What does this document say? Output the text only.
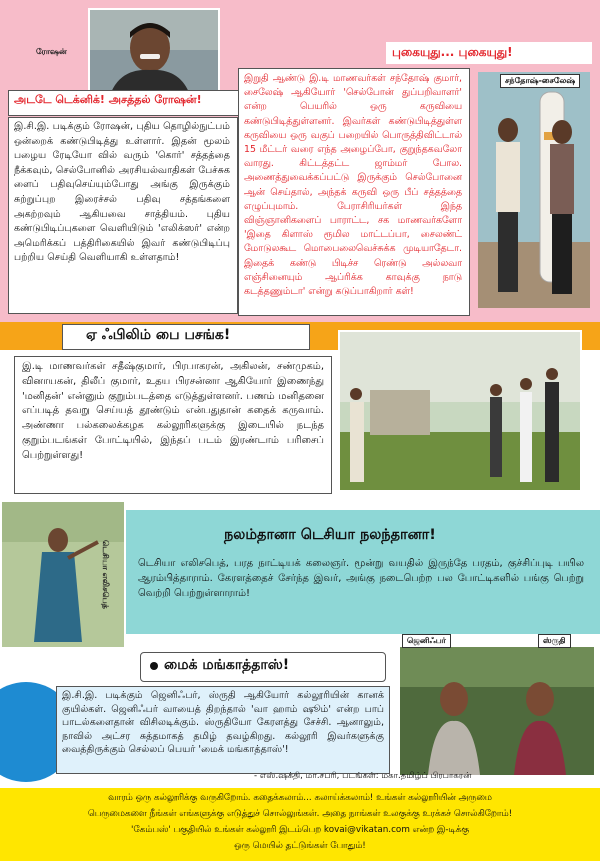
ரோஷன்
அடடே டெக்னிக்! அசத்தல் ரோஷன்!
இ.சி.இ. படிக்கும் ரோஷன், புதிய தொழில்நுட்பம் ஒன்றைக் கண்டுபிடித்து உள்ளார். இதன் மூலம் பழைய ரேடியோ வில் வரும் 'கொர்' சத்தத்தை நீக்கவும், செல்போனில் அரசியல்வாதிகள் பேச்சுக ளைப் பதிவுசெய்யும்போது அங்கு இருக்கும் சுற்றுப்புற இரைச்சல் பதிவு சத்தங்களை அகற்றவும் ஆகியவை சாத்தியம். புதிய கண்டுபிடிப்புகளை வெளியிடும் 'எலிக்ஸர்' என்ற அமெரிக்கப் பத்திரிகையில் இவர் கண்டுபிடிப்பு பற்றிய செய்தி வெளியாகி உள்ளதாம்!
புகையுது... புகையுது!
இறுதி ஆண்டு இ.டி மாணவர்கள் சந்தோஷ் குமார், சைலேஷ் ஆகியோர் 'செல்போன் துப்பறிவாளர்' என்ற பெயரில் ஒரு கருவியை கண்டுபிடித்துள்ளனர். இவர்கள் கண்டுபிடித்துள்ள கருவியை ஒரு வகுப் பறையில் பொருத்திவிட்டால் 15 மீட்டர் வரை எந்த அழைப்போ, குறுந்தகவலோ வாரது. கிட்டத்தட்ட ஜாம்மர் போல. அணைத்துவைக்கப்பட்டு இருக்கும் செல்போனை ஆன் செய்தால், அந்தக் கருவி ஒரு பீப் சத்தத்தை எழுப்புமாம். பேராசிரியர்கள் இந்த விஞ்ஞானிகளைப் பாராட்ட, சக மாணவர்களோ 'இதை கிளாஸ் ரூமில மாட்டப்பா, சைலண்ட் மோடுலகூட மொபைலைவெச்சுக்க முடியாதேடா. இதைக் கண்டு பிடிச்ச ரெண்டு அல்லவா எஞ்சினையும் ஆப்ரிக்க காவுக்கு நாடு கடத்தணும்டா' என்று கடுப்பாகிறார் கள்!
சந்தோஷ்-சைலேஷ்
ஏ ஃபிலிம் பை பசங்க!
இ.டி மாணவர்கள் சதீஷ்குமார், பிரபாகரன், அகிலன், சண்முகம், வினாயகன், திலீப் குமார், உதய பிரசன்னா ஆகியோர் இணைந்து 'மனிதன்' என்னும் குறும்படத்தை எடுத்துள்ளனர். பணம் மனிதனை எப்படித் தவறு செய்யத் தூண்டும் என்பதுதான் கதைக் கருவாம். அண்ணா பல்கலைக்கழக கல்லூரிகளுக்கு இடையில் நடந்த குறும்படங்கள் போட்டியில், இந்தப் படம் இரண்டாம் பரிசைப் பெற்றுள்ளது!
டெசியா எலிசபெத்
நலம்தானா டெசியா நலந்தானா!
டெசியா எலிசபெத், பரத நாட்டியக் கலைஞர். மூன்று வயதில் இருந்தே பரதம், குச்சிப்புடி பயில ஆரம்பித்தாராம். கேரளத்தைச் சேர்ந்த இவர், அங்கு நடைபெற்ற பல போட்டிகளில் பங்கு பெற்று வெற்றி பெற்றுள்ளாராம்!
மைக் மங்காத்தாஸ்!
இ.சி.இ. படிக்கும் ஜெனிஃபர், ஸ்ருதி ஆகியோர் கல்லூரியின் கானக் குயில்கள். ஜெனிஃபர் வாயைத் திறந்தால் 'வா ஹாம் ஷூம்' என்ற பாப் பாடல்களைதான் விசிலடிக்கும். ஸ்ருதியோ கேரளத்து சேச்சி. ஆனாலும், நாவில் அட்சர சுத்தமாகத் தமிழ் தவழ்கிறது. கல்லூரி இவர்களுக்கு வைத்திருக்கும் செல்லப் பெயர் 'மைக் மங்காத்தாஸ்'!
ஜெனிஃபர்	ஸ்ருதி
- எஸ்.ஷக்தி, மா.சபரி, படங்கள்: மகா.தமிழ்ப் பிரபாகரன்
வாரம் ஒரு கல்லூரிக்கு வருகிறோம். கதைக்கலாம்... கலாய்க்கலாம்! உங்கள் கல்லூரியின் அருமை
பெருமைகளை நீங்கள் எங்களுக்கு எடுத்துச் சொல்லுங்கள். அதை நாங்கள் உலகுக்கு உரக்கச் சொல்கிறோம்!
'கேம்பஸ்' பகுதியில் உங்கள் கல்லூரி இடம்பெற kovai@vikatan.com என்ற இ-டிக்கு
ஒரு மெயில் தட்டுங்கள் போதும்!
